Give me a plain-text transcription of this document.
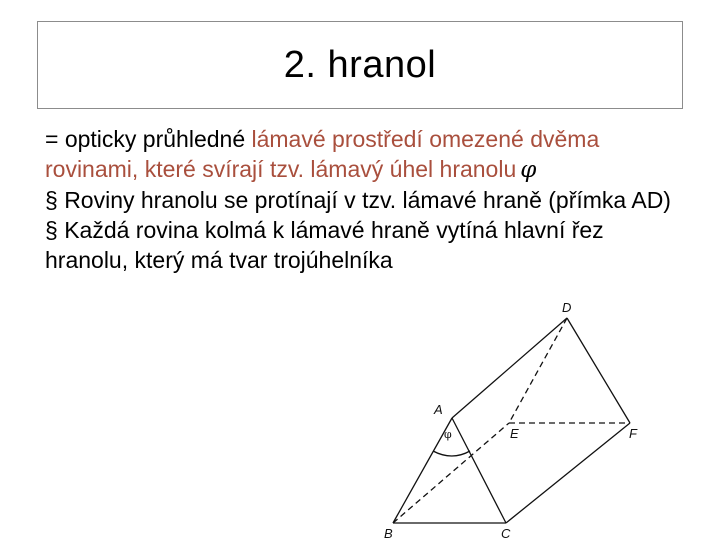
2. hranol

= opticky průhledné lámavé prostředí omezené dvěma rovinami, které svírají tzv. lámavý úhel hranolu φ

§ Roviny hranolu se protínají v tzv. lámavé hraně (přímka AD)

§ Každá rovina kolmá k lámavé hraně vytíná hlavní řez hranolu, který má tvar trojúhelníka

D
A
E	F
B	C
φ
